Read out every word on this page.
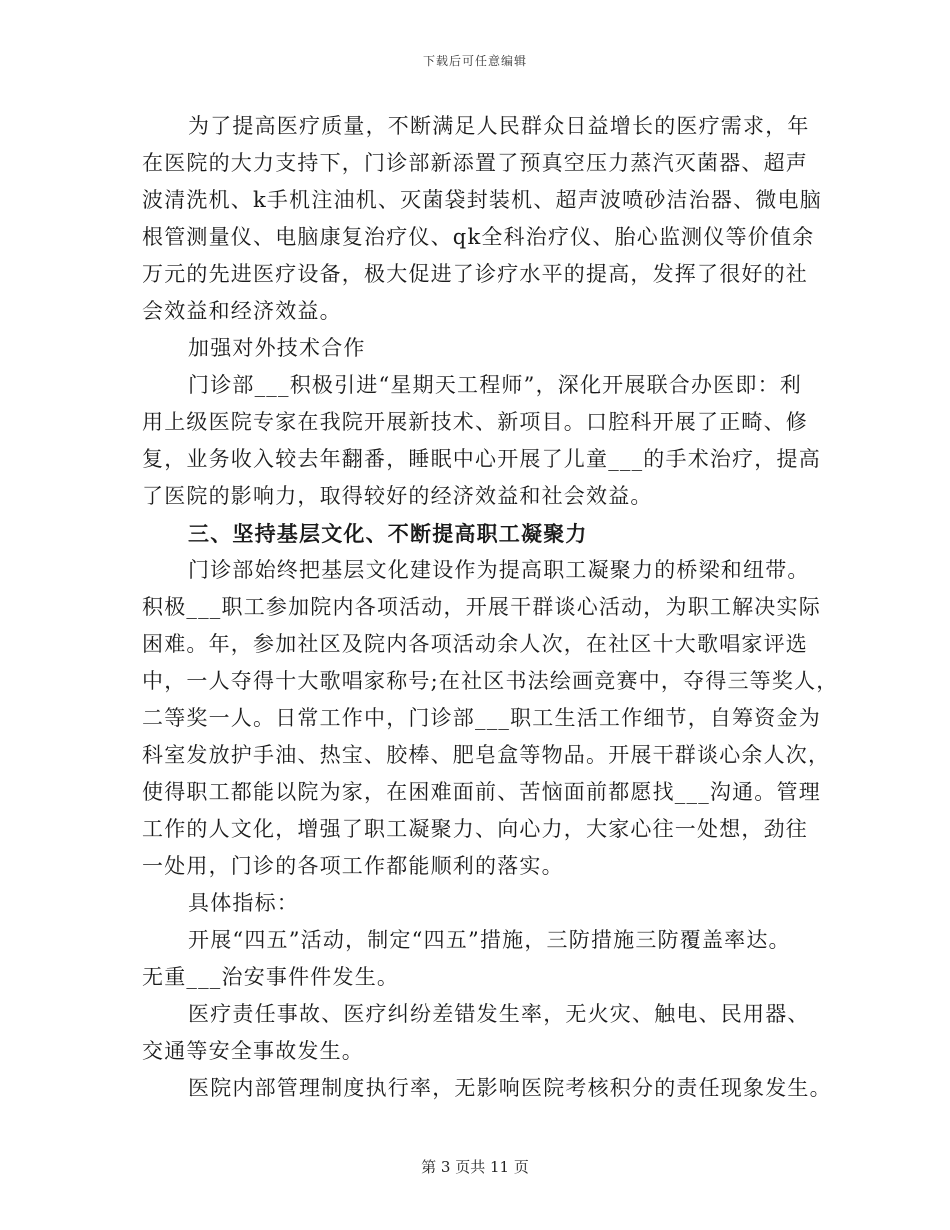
下载后可任意编辑
为了提高医疗质量，不断满足人民群众日益增长的医疗需求，年
在医院的大力支持下，门诊部新添置了预真空压力蒸汽灭菌器、超声
波清洗机、k手机注油机、灭菌袋封装机、超声波喷砂洁治器、微电脑
根管测量仪、电脑康复治疗仪、qk全科治疗仪、胎心监测仪等价值余
万元的先进医疗设备，极大促进了诊疗水平的提高，发挥了很好的社
会效益和经济效益。
加强对外技术合作
门诊部___积极引进“星期天工程师”，深化开展联合办医即：利
用上级医院专家在我院开展新技术、新项目。口腔科开展了正畸、修
复，业务收入较去年翻番，睡眠中心开展了儿童___的手术治疗，提高
了医院的影响力，取得较好的经济效益和社会效益。
三、坚持基层文化、不断提高职工凝聚力
门诊部始终把基层文化建设作为提高职工凝聚力的桥梁和纽带。
积极___职工参加院内各项活动，开展干群谈心活动，为职工解决实际
困难。年，参加社区及院内各项活动余人次，在社区十大歌唱家评选
中，一人夺得十大歌唱家称号;在社区书法绘画竞赛中，夺得三等奖人，
二等奖一人。日常工作中，门诊部___职工生活工作细节，自筹资金为
科室发放护手油、热宝、胶棒、肥皂盒等物品。开展干群谈心余人次，
使得职工都能以院为家，在困难面前、苦恼面前都愿找___沟通。管理
工作的人文化，增强了职工凝聚力、向心力，大家心往一处想，劲往
一处用，门诊的各项工作都能顺利的落实。
具体指标：
开展“四五”活动，制定“四五”措施，三防措施三防覆盖率达。
无重___治安事件件发生。
医疗责任事故、医疗纠纷差错发生率，无火灾、触电、民用器、
交通等安全事故发生。
医院内部管理制度执行率，无影响医院考核积分的责任现象发生。
第 3 页共 11 页
